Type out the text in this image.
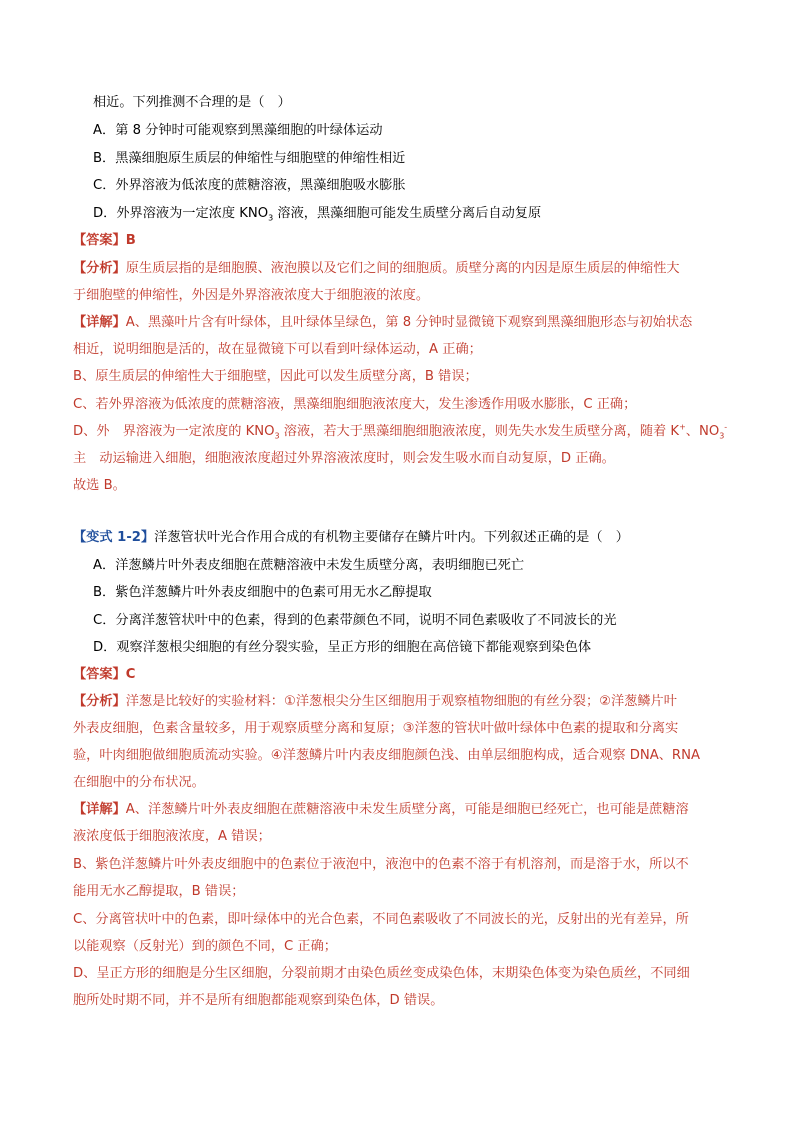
相近。下列推测不合理的是（　）
A．第 8 分钟时可能观察到黑藻细胞的叶绿体运动
B．黑藻细胞原生质层的伸缩性与细胞壁的伸缩性相近
C．外界溶液为低浓度的蔗糖溶液，黑藻细胞吸水膨胀
D．外界溶液为一定浓度 $KNO_3$ 溶液，黑藻细胞可能发生质壁分离后自动复原
【答案】B
【分析】原生质层指的是细胞膜、液泡膜以及它们之间的细胞质。质壁分离的内因是原生质层的伸缩性大
于细胞壁的伸缩性，外因是外界溶液浓度大于细胞液的浓度。
【详解】A、黑藻叶片含有叶绿体，且叶绿体呈绿色，第 8 分钟时显微镜下观察到黑藻细胞形态与初始状态
相近，说明细胞是活的，故在显微镜下可以看到叶绿体运动，A 正确；
B、原生质层的伸缩性大于细胞壁，因此可以发生质壁分离，B 错误；
C、若外界溶液为低浓度的蔗糖溶液，黑藻细胞细胞液浓度大，发生渗透作用吸水膨胀，C 正确；
D、外　界溶液为一定浓度的 $KNO_3$ 溶液，若大于黑藻细胞细胞液浓度，则先失水发生质壁分离，随着 K+、$NO_3^-$
主　动运输进入细胞，细胞液浓度超过外界溶液浓度时，则会发生吸水而自动复原，D 正确。
故选 B。
【变式 1-2】洋葱管状叶光合作用合成的有机物主要储存在鳞片叶内。下列叙述正确的是（　）
A．洋葱鳞片叶外表皮细胞在蔗糖溶液中未发生质壁分离，表明细胞已死亡
B．紫色洋葱鳞片叶外表皮细胞中的色素可用无水乙醇提取
C．分离洋葱管状叶中的色素，得到的色素带颜色不同，说明不同色素吸收了不同波长的光
D．观察洋葱根尖细胞的有丝分裂实验，呈正方形的细胞在高倍镜下都能观察到染色体
【答案】C
【分析】洋葱是比较好的实验材料：①洋葱根尖分生区细胞用于观察植物细胞的有丝分裂；②洋葱鳞片叶
外表皮细胞，色素含量较多，用于观察质壁分离和复原；③洋葱的管状叶做叶绿体中色素的提取和分离实
验，叶肉细胞做细胞质流动实验。④洋葱鳞片叶内表皮细胞颜色浅、由单层细胞构成，适合观察 DNA、RNA
在细胞中的分布状况。
【详解】A、洋葱鳞片叶外表皮细胞在蔗糖溶液中未发生质壁分离，可能是细胞已经死亡，也可能是蔗糖溶
液浓度低于细胞液浓度，A 错误；
B、紫色洋葱鳞片叶外表皮细胞中的色素位于液泡中，液泡中的色素不溶于有机溶剂，而是溶于水，所以不
能用无水乙醇提取，B 错误；
C、分离管状叶中的色素，即叶绿体中的光合色素，不同色素吸收了不同波长的光，反射出的光有差异，所
以能观察（反射光）到的颜色不同，C 正确；
D、呈正方形的细胞是分生区细胞，分裂前期才由染色质丝变成染色体，末期染色体变为染色质丝，不同细
胞所处时期不同，并不是所有细胞都能观察到染色体，D 错误。
